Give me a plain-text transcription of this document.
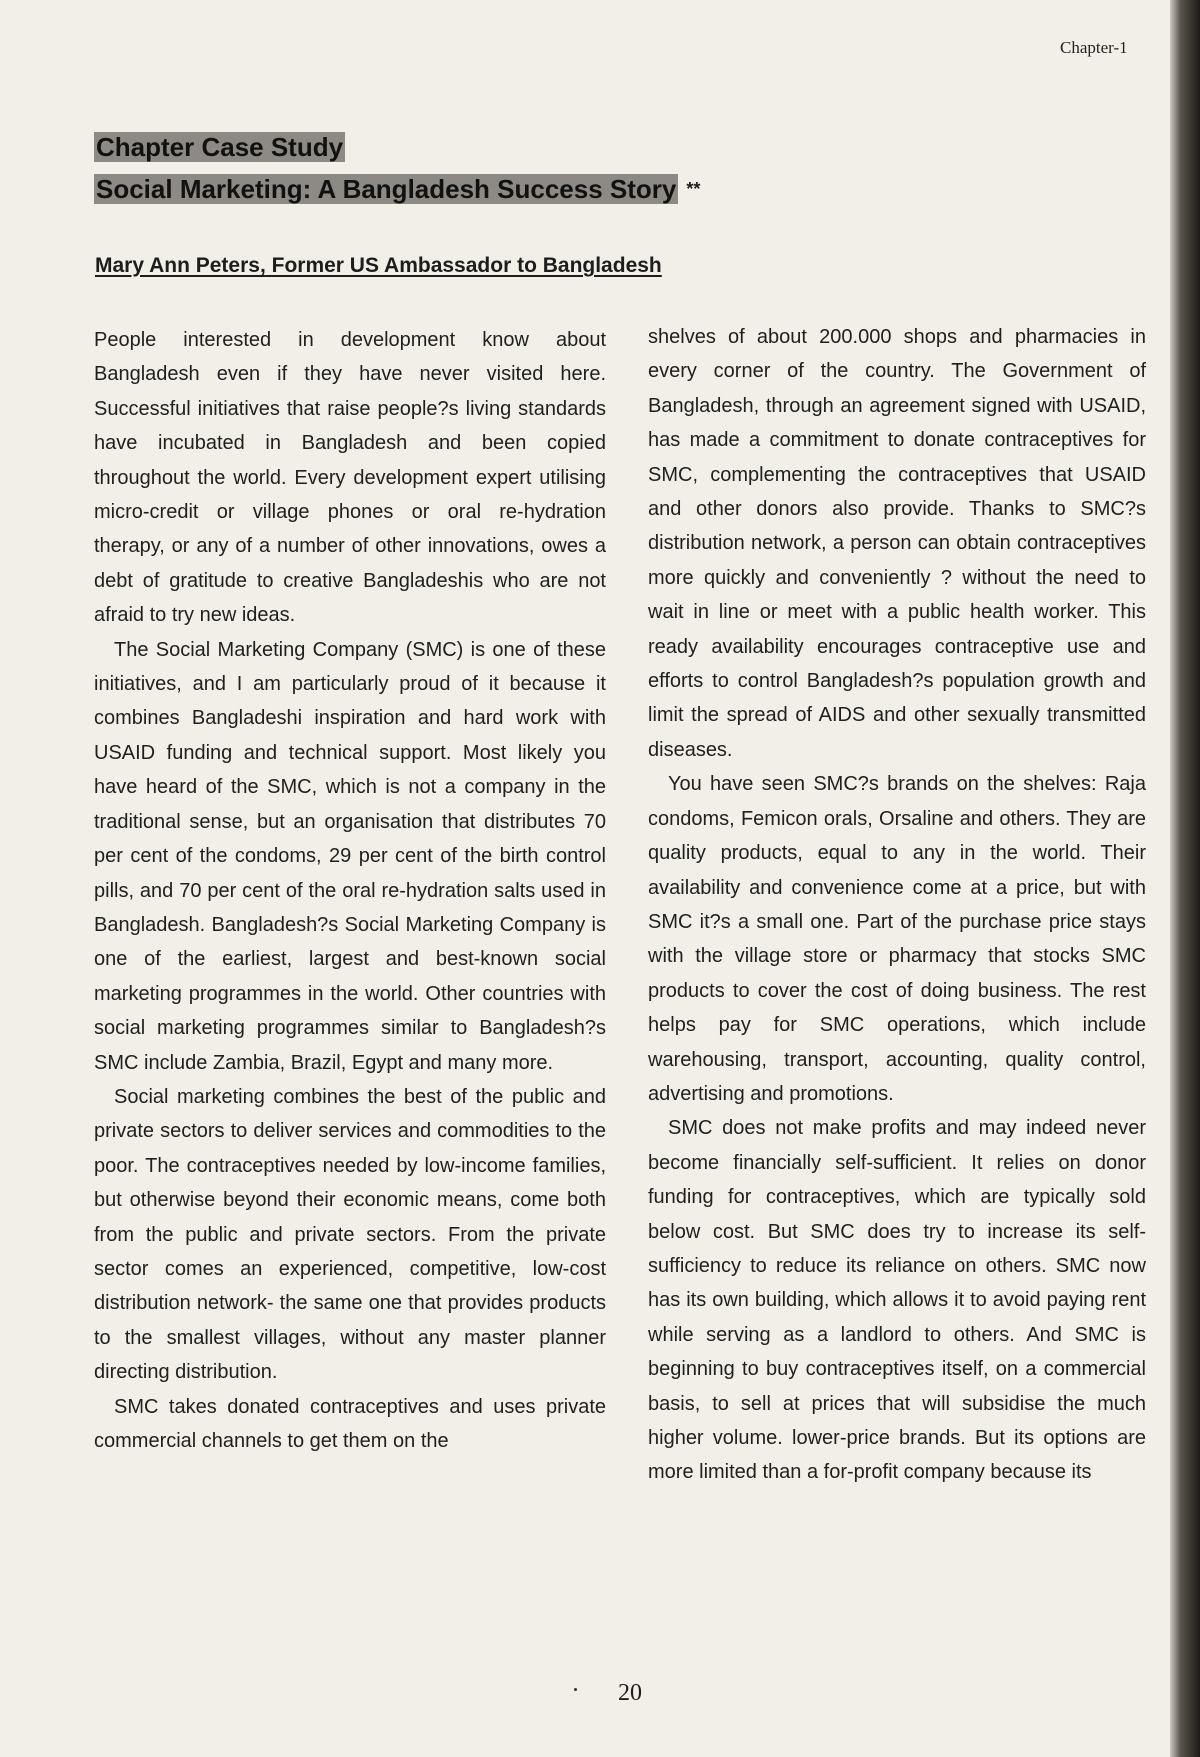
Chapter-1
Chapter Case Study
Social Marketing: A Bangladesh Success Story **
Mary Ann Peters, Former US Ambassador to Bangladesh

People interested in development know about Bangladesh even if they have never visited here. Successful initiatives that raise people?s living standards have incubated in Bangladesh and been copied throughout the world. Every development expert utilising micro-credit or village phones or oral re-hydration therapy, or any of a number of other innovations, owes a debt of gratitude to creative Bangladeshis who are not afraid to try new ideas.

The Social Marketing Company (SMC) is one of these initiatives, and I am particularly proud of it because it combines Bangladeshi inspiration and hard work with USAID funding and technical support. Most likely you have heard of the SMC, which is not a company in the traditional sense, but an organisation that distributes 70 per cent of the condoms, 29 per cent of the birth control pills, and 70 per cent of the oral re-hydration salts used in Bangladesh. Bangladesh?s Social Marketing Company is one of the earliest, largest and best-known social marketing programmes in the world. Other countries with social marketing programmes similar to Bangladesh?s SMC include Zambia, Brazil, Egypt and many more.

Social marketing combines the best of the public and private sectors to deliver services and commodities to the poor. The contraceptives needed by low-income families, but otherwise beyond their economic means, come both from the public and private sectors. From the private sector comes an experienced, competitive, low-cost distribution network- the same one that provides products to the smallest villages, without any master planner directing distribution.

SMC takes donated contraceptives and uses private commercial channels to get them on the

shelves of about 200.000 shops and pharmacies in every corner of the country. The Government of Bangladesh, through an agreement signed with USAID, has made a commitment to donate contraceptives for SMC, complementing the contraceptives that USAID and other donors also provide. Thanks to SMC?s distribution network, a person can obtain contraceptives more quickly and conveniently ? without the need to wait in line or meet with a public health worker. This ready availability encourages contraceptive use and efforts to control Bangladesh?s population growth and limit the spread of AIDS and other sexually transmitted diseases.

You have seen SMC?s brands on the shelves: Raja condoms, Femicon orals, Orsaline and others. They are quality products, equal to any in the world. Their availability and convenience come at a price, but with SMC it?s a small one. Part of the purchase price stays with the village store or pharmacy that stocks SMC products to cover the cost of doing business. The rest helps pay for SMC operations, which include warehousing, transport, accounting, quality control, advertising and promotions.

SMC does not make profits and may indeed never become financially self-sufficient. It relies on donor funding for contraceptives, which are typically sold below cost. But SMC does try to increase its self-sufficiency to reduce its reliance on others. SMC now has its own building, which allows it to avoid paying rent while serving as a landlord to others. And SMC is beginning to buy contraceptives itself, on a commercial basis, to sell at prices that will subsidise the much higher volume. lower-price brands. But its options are more limited than a for-profit company because its

20
